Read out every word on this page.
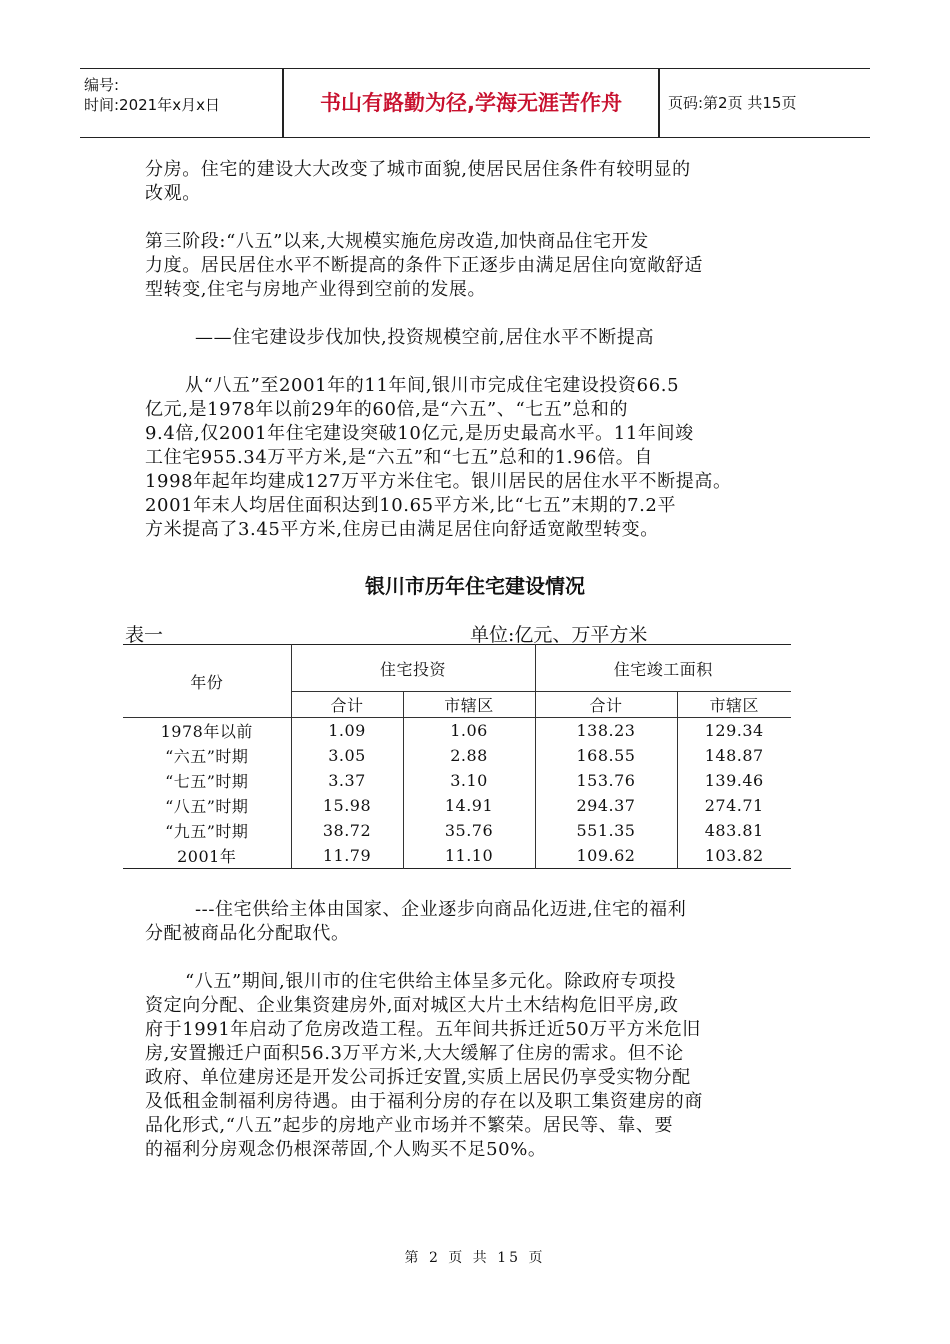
编号:
时间:2021年x月x日	书山有路勤为径,学海无涯苦作舟	页码:第2页 共15页

分房。住宅的建设大大改变了城市面貌,使居民居住条件有较明显的

改观。

第三阶段:“八五”以来,大规模实施危房改造,加快商品住宅开发

力度。居民居住水平不断提高的条件下正逐步由满足居住向宽敞舒适

型转变,住宅与房地产业得到空前的发展。

——住宅建设步伐加快,投资规模空前,居住水平不断提高

从“八五”至2001年的11年间,银川市完成住宅建设投资66.5

亿元,是1978年以前29年的60倍,是“六五”、“七五”总和的

9.4倍,仅2001年住宅建设突破10亿元,是历史最高水平。11年间竣

工住宅955.34万平方米,是“六五”和“七五”总和的1.96倍。自

1998年起年均建成127万平方米住宅。银川居民的居住水平不断提高。

2001年末人均居住面积达到10.65平方米,比“七五”末期的7.2平

方米提高了3.45平方米,住房已由满足居住向舒适宽敞型转变。

银川市历年住宅建设情况
表一	单位:亿元、万平方米
年份	住宅投资		住宅竣工面积	
	合计	市辖区	合计	市辖区
1978年以前	1.09	1.06	138.23	129.34
“六五”时期	3.05	2.88	168.55	148.87
“七五”时期	3.37	3.10	153.76	139.46
“八五”时期	15.98	14.91	294.37	274.71
“九五”时期	38.72	35.76	551.35	483.81
2001年	11.79	11.10	109.62	103.82

---住宅供给主体由国家、企业逐步向商品化迈进,住宅的福利

分配被商品化分配取代。

“八五”期间,银川市的住宅供给主体呈多元化。除政府专项投

资定向分配、企业集资建房外,面对城区大片土木结构危旧平房,政

府于1991年启动了危房改造工程。五年间共拆迁近50万平方米危旧

房,安置搬迁户面积56.3万平方米,大大缓解了住房的需求。但不论

政府、单位建房还是开发公司拆迁安置,实质上居民仍享受实物分配

及低租金制福利房待遇。由于福利分房的存在以及职工集资建房的商

品化形式,“八五”起步的房地产业市场并不繁荣。居民等、靠、要

的福利分房观念仍根深蒂固,个人购买不足50%。

第 2 页 共 15 页
